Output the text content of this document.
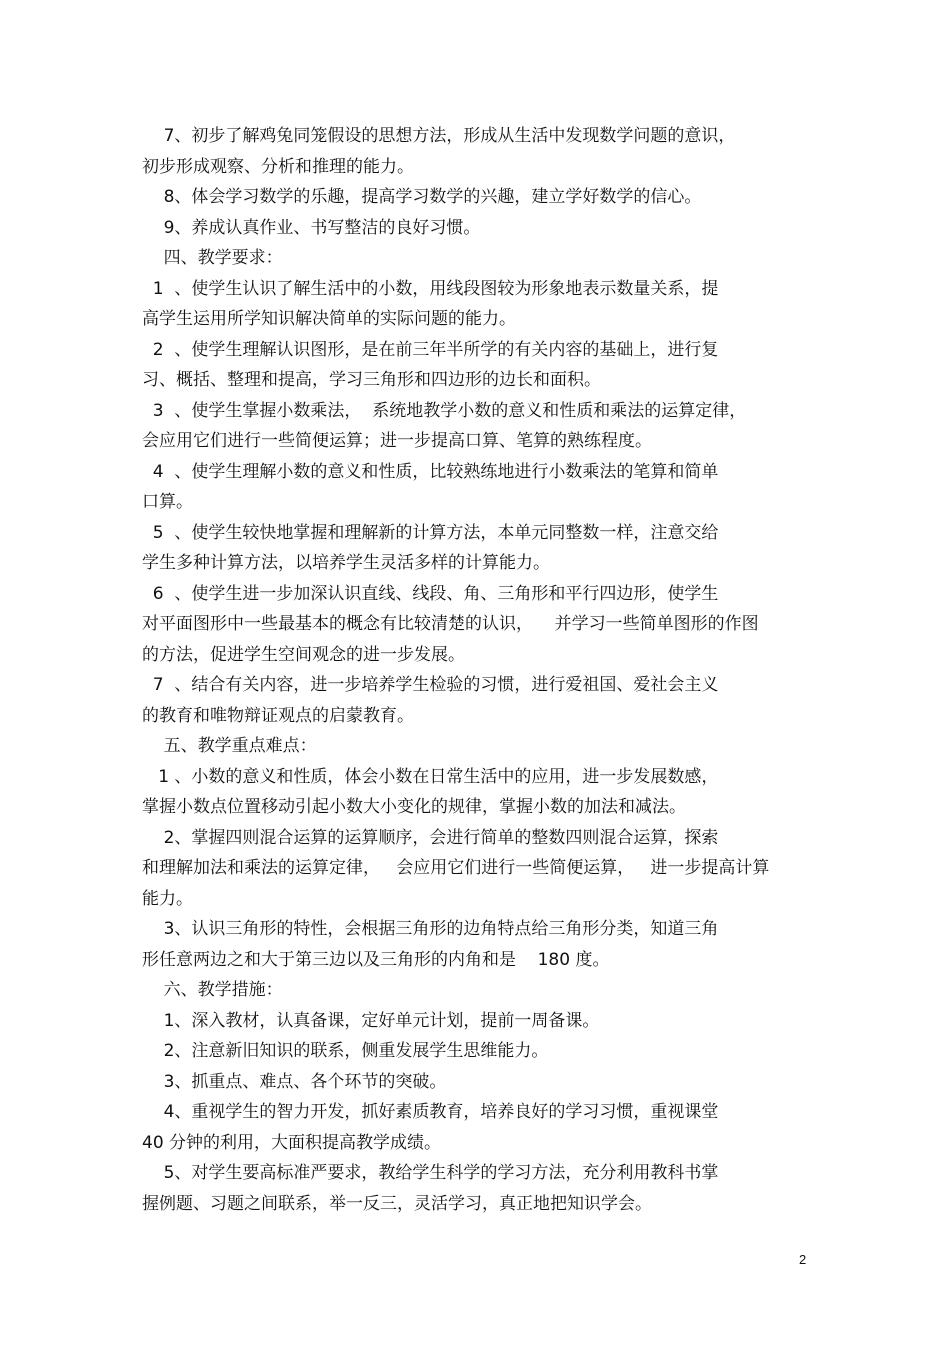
7、初步了解鸡兔同笼假设的思想方法，形成从生活中发现数学问题的意识，
初步形成观察、分析和推理的能力。
8、体会学习数学的乐趣，提高学习数学的兴趣，建立学好数学的信心。
9、养成认真作业、书写整洁的良好习惯。
四、教学要求：
1  、使学生认识了解生活中的小数，用线段图较为形象地表示数量关系，提
高学生运用所学知识解决简单的实际问题的能力。
2  、使学生理解认识图形，是在前三年半所学的有关内容的基础上，进行复
习、概括、整理和提高，学习三角形和四边形的边长和面积。
3  、使学生掌握小数乘法，  系统地教学小数的意义和性质和乘法的运算定律，
会应用它们进行一些简便运算；进一步提高口算、笔算的熟练程度。
4  、使学生理解小数的意义和性质，比较熟练地进行小数乘法的笔算和简单
口算。
5  、使学生较快地掌握和理解新的计算方法，本单元同整数一样，注意交给
学生多种计算方法，以培养学生灵活多样的计算能力。
6  、使学生进一步加深认识直线、线段、角、三角形和平行四边形，使学生
对平面图形中一些最基本的概念有比较清楚的认识，    并学习一些简单图形的作图
的方法，促进学生空间观念的进一步发展。
7  、结合有关内容，进一步培养学生检验的习惯，进行爱祖国、爱社会主义
的教育和唯物辩证观点的启蒙教育。
五、教学重点难点：
1 、小数的意义和性质，体会小数在日常生活中的应用，进一步发展数感，
掌握小数点位置移动引起小数大小变化的规律，掌握小数的加法和减法。
2、掌握四则混合运算的运算顺序，会进行简单的整数四则混合运算，探索
和理解加法和乘法的运算定律，   会应用它们进行一些简便运算，   进一步提高计算
能力。
3、认识三角形的特性，会根据三角形的边角特点给三角形分类，知道三角
形任意两边之和大于第三边以及三角形的内角和是    180 度。
六、教学措施：
1、深入教材，认真备课，定好单元计划，提前一周备课。
2、注意新旧知识的联系，侧重发展学生思维能力。
3、抓重点、难点、各个环节的突破。
4、重视学生的智力开发，抓好素质教育，培养良好的学习习惯，重视课堂
40 分钟的利用，大面积提高教学成绩。
5、对学生要高标准严要求，教给学生科学的学习方法，充分利用教科书掌
握例题、习题之间联系，举一反三，灵活学习，真正地把知识学会。
2
